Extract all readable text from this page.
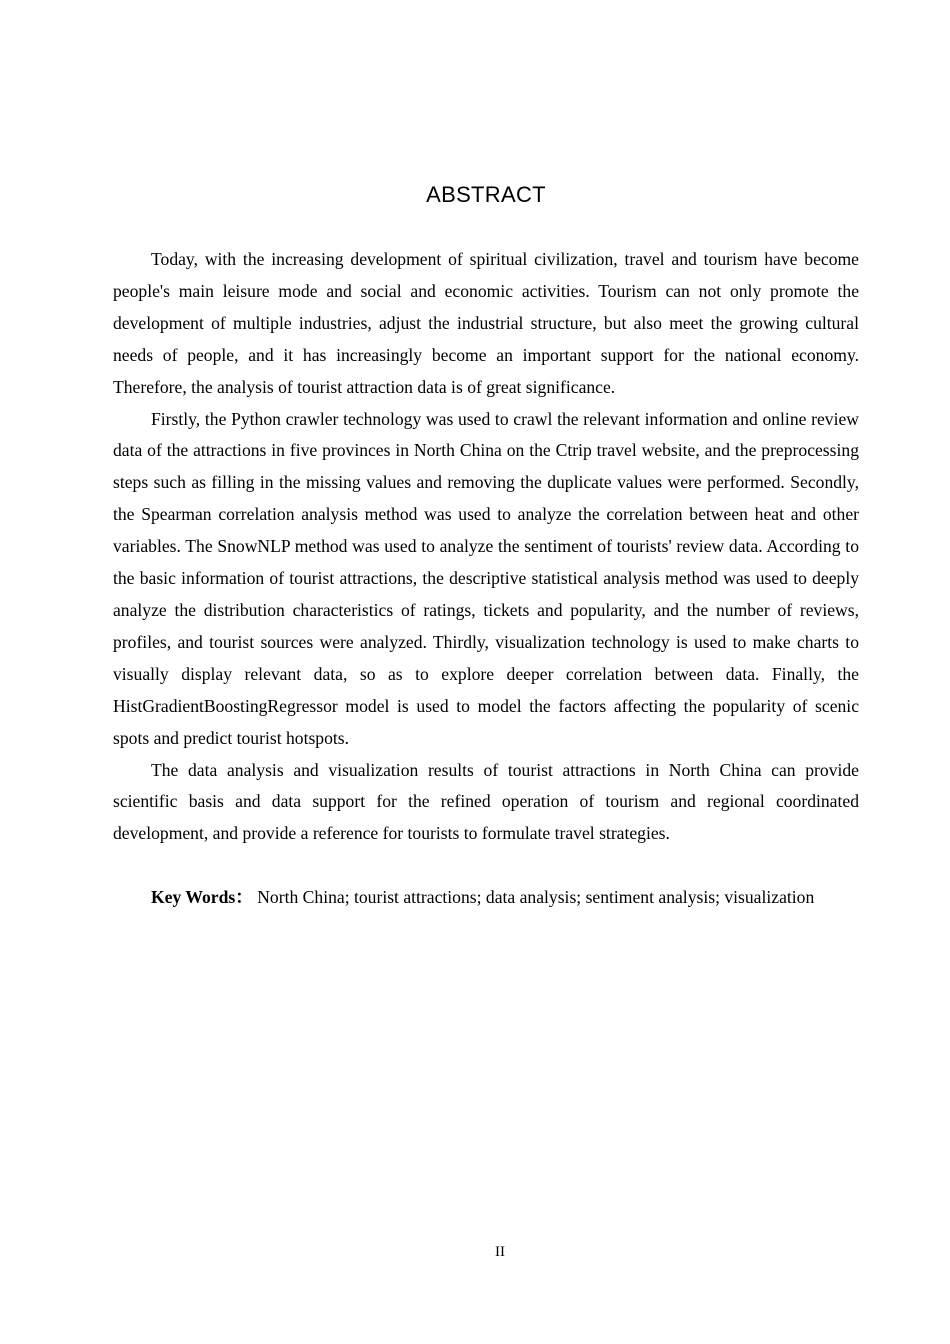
ABSTRACT

Today, with the increasing development of spiritual civilization, travel and tourism have become people's main leisure mode and social and economic activities. Tourism can not only promote the development of multiple industries, adjust the industrial structure, but also meet the growing cultural needs of people, and it has increasingly become an important support for the national economy. Therefore, the analysis of tourist attraction data is of great significance.

Firstly, the Python crawler technology was used to crawl the relevant information and online review data of the attractions in five provinces in North China on the Ctrip travel website, and the preprocessing steps such as filling in the missing values and removing the duplicate values were performed. Secondly, the Spearman correlation analysis method was used to analyze the correlation between heat and other variables. The SnowNLP method was used to analyze the sentiment of tourists' review data. According to the basic information of tourist attractions, the descriptive statistical analysis method was used to deeply analyze the distribution characteristics of ratings, tickets and popularity, and the number of reviews, profiles, and tourist sources were analyzed. Thirdly, visualization technology is used to make charts to visually display relevant data, so as to explore deeper correlation between data. Finally, the HistGradientBoostingRegressor model is used to model the factors affecting the popularity of scenic spots and predict tourist hotspots.

The data analysis and visualization results of tourist attractions in North China can provide scientific basis and data support for the refined operation of tourism and regional coordinated development, and provide a reference for tourists to formulate travel strategies.

Key Words： North China; tourist attractions; data analysis; sentiment analysis; visualization

II
